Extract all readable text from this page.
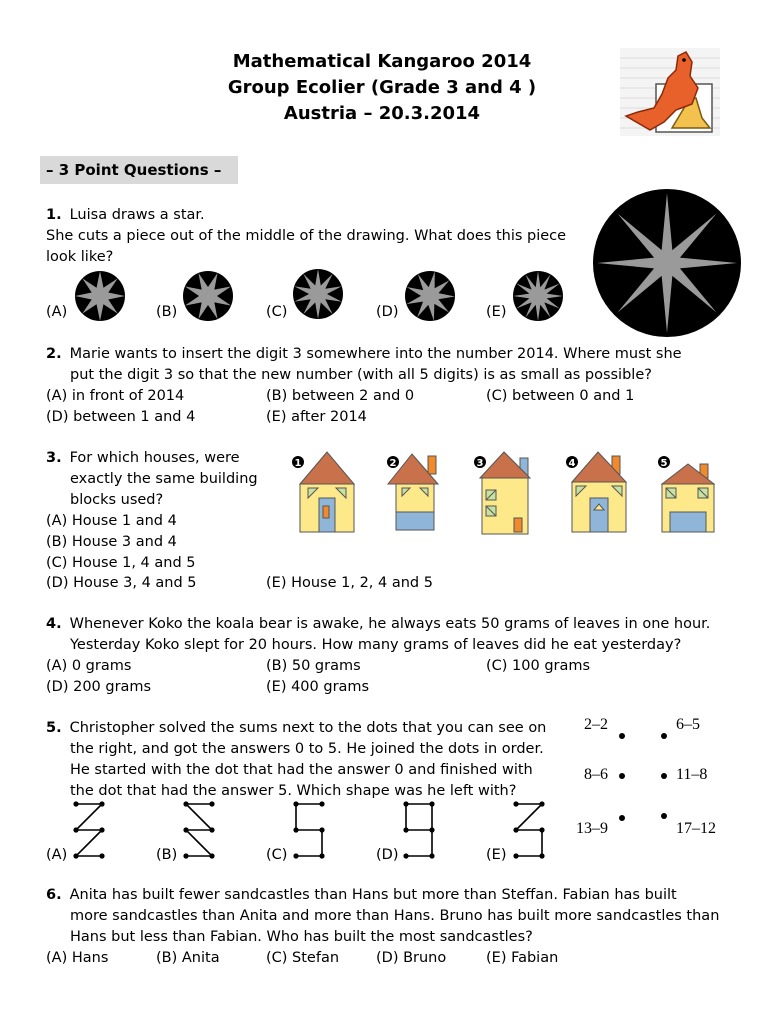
Mathematical Kangaroo 2014
Group Ecolier (Grade 3 and 4 )
Austria – 20.3.2014
– 3 Point Questions –
1. Luisa draws a star.
She cuts a piece out of the middle of the drawing. What does this piece
look like?
(A)	(B)	(C)	(D)	(E)
2. Marie wants to insert the digit 3 somewhere into the number 2014. Where must she
put the digit 3 so that the new number (with all 5 digits) is as small as possible?
(A) in front of 2014	(B) between 2 and 0	(C) between 0 and 1
(D) between 1 and 4	(E) after 2014
3. For which houses, were
exactly the same building
blocks used?
(A) House 1 and 4
(B) House 3 and 4
(C) House 1, 4 and 5
(D) House 3, 4 and 5	(E) House 1, 2, 4 and 5
1	2	3	4	5
4. Whenever Koko the koala bear is awake, he always eats 50 grams of leaves in one hour.
Yesterday Koko slept for 20 hours. How many grams of leaves did he eat yesterday?
(A) 0 grams	(B) 50 grams	(C) 100 grams
(D) 200 grams	(E) 400 grams
5. Christopher solved the sums next to the dots that you can see on
the right, and got the answers 0 to 5. He joined the dots in order.
He started with the dot that had the answer 0 and finished with
the dot that had the answer 5. Which shape was he left with?
2–2	6–5
8–6	11–8
13–9	17–12
(A)	(B)	(C)	(D)	(E)
6. Anita has built fewer sandcastles than Hans but more than Steffan. Fabian has built
more sandcastles than Anita and more than Hans. Bruno has built more sandcastles than
Hans but less than Fabian. Who has built the most sandcastles?
(A) Hans	(B) Anita	(C) Stefan	(D) Bruno	(E) Fabian
